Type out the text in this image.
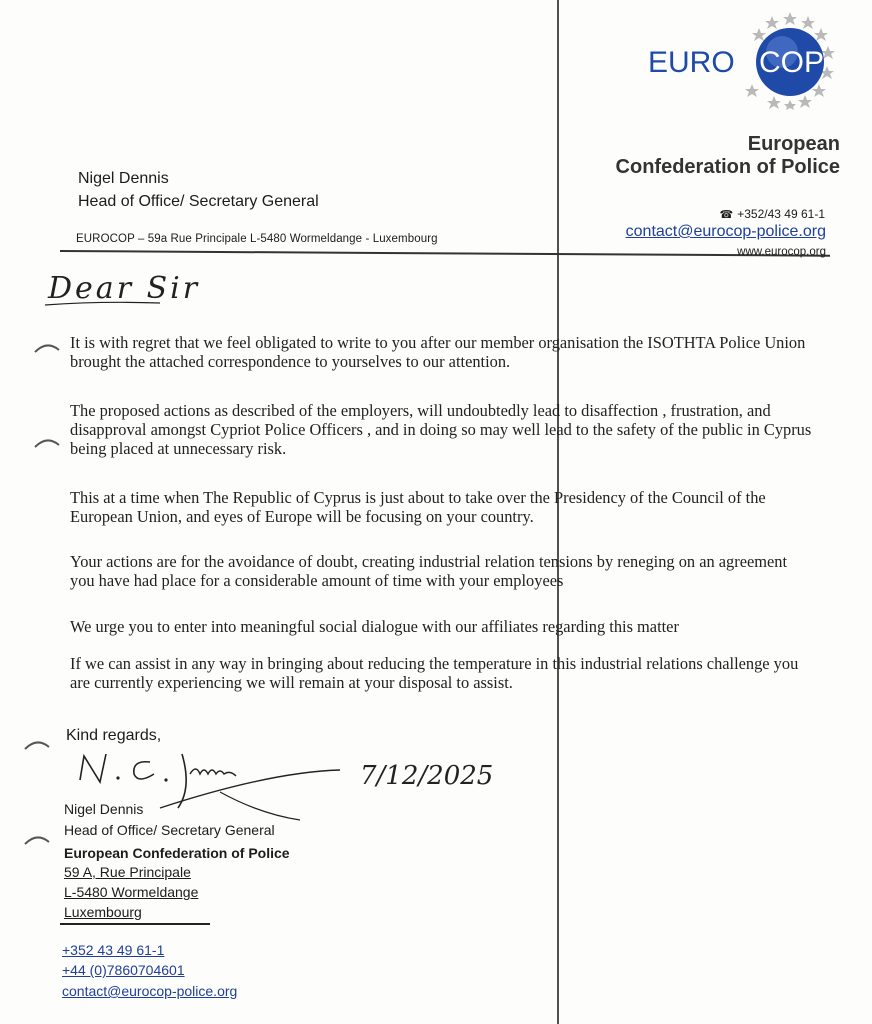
Nigel Dennis
Head of Office/ Secretary General
EUROCOP – 59a Rue Principale L-5480 Wormeldange - Luxembourg
EURO COP
European
Confederation of Police
☎ +352/43 49 61-1
contact@eurocop-police.org
www.eurocop.org
Dear Sir
It is with regret that we feel obligated to write to you after our member organisation the ISOTHTA Police Union brought the attached correspondence to yourselves to our attention.
The proposed actions as described of the employers, will undoubtedly lead to disaffection , frustration, and disapproval amongst Cypriot Police Officers , and in doing so may well lead to the safety of the public in Cyprus being placed at unnecessary risk.
This at a time when The Republic of Cyprus is just about to take over the Presidency of the Council of the European Union, and eyes of Europe will be focusing on your country.
Your actions are for the avoidance of doubt, creating industrial relation tensions by reneging on an agreement you have had place for a considerable amount of time with your employees
We urge you to enter into meaningful social dialogue with our affiliates regarding this matter
If we can assist in any way in bringing about reducing the temperature in this industrial relations challenge you are currently experiencing we will remain at your disposal to assist.
Kind regards,
7/12/2025
Nigel Dennis
Head of Office/ Secretary General
European Confederation of Police
59 A, Rue Principale
L-5480 Wormeldange
Luxembourg
+352 43 49 61-1
+44 (0)7860704601
contact@eurocop-police.org
